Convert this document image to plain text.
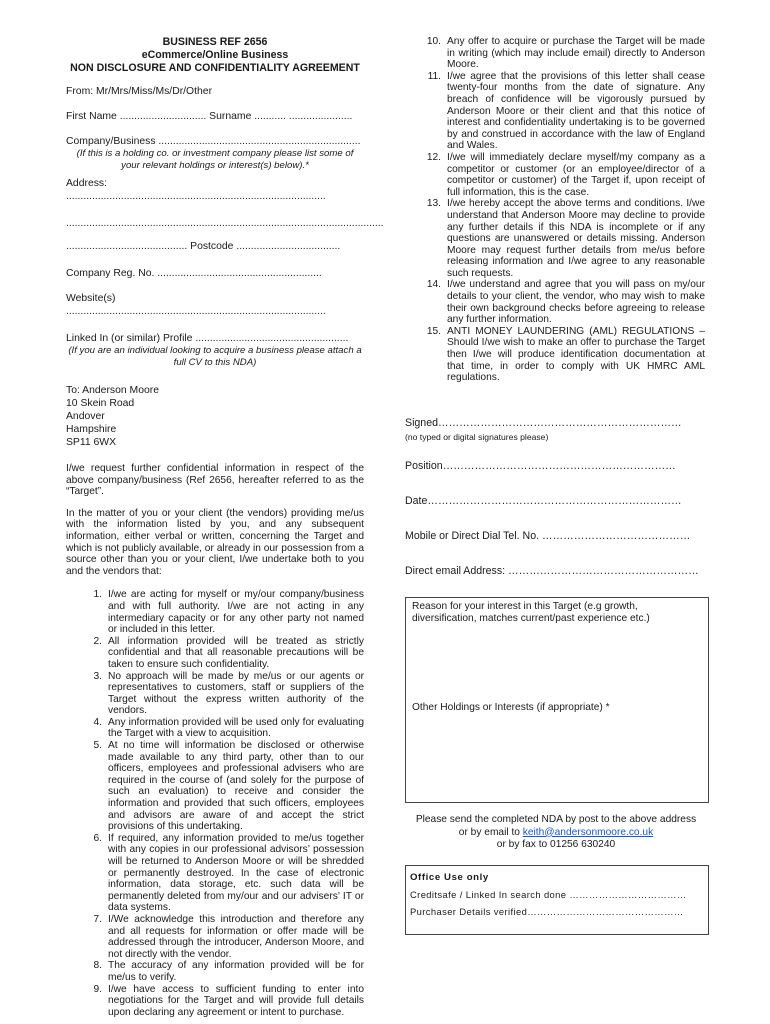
BUSINESS REF 2656
eCommerce/Online Business
NON DISCLOSURE AND CONFIDENTIALITY AGREEMENT
From: Mr/Mrs/Miss/Ms/Dr/Other
First Name .............................. Surname ........... ......................
Company/Business ......................................................................
(If this is a holding co. or investment company please list some of your relevant holdings or interest(s) below).*
Address: ..........................................................................................
..............................................................................................................
.......................................... Postcode ....................................
Company Reg. No. .........................................................
Website(s) ..........................................................................................
Linked In (or similar) Profile .....................................................
(If you are an individual looking to acquire a business please attach a full CV to this NDA)
To: Anderson Moore
10 Skein Road
Andover
Hampshire
SP11 6WX
I/we request further confidential information in respect of the above company/business (Ref 2656, hereafter referred to as the “Target”.
In the matter of you or your client (the vendors) providing me/us with the information listed by you, and any subsequent information, either verbal or written, concerning the Target and which is not publicly available, or already in our possession from a source other than you or your client, I/we undertake both to you and the vendors that:
1. I/we are acting for myself or my/our company/business and with full authority. I/we are not acting in any intermediary capacity or for any other party not named or included in this letter.
2. All information provided will be treated as strictly confidential and that all reasonable precautions will be taken to ensure such confidentiality.
3. No approach will be made by me/us or our agents or representatives to customers, staff or suppliers of the Target without the express written authority of the vendors.
4. Any information provided will be used only for evaluating the Target with a view to acquisition.
5. At no time will information be disclosed or otherwise made available to any third party, other than to our officers, employees and professional advisers who are required in the course of (and solely for the purpose of such an evaluation) to receive and consider the information and provided that such officers, employees and advisors are aware of and accept the strict provisions of this undertaking.
6. If required, any information provided to me/us together with any copies in our professional advisors’ possession will be returned to Anderson Moore or will be shredded or permanently destroyed. In the case of electronic information, data storage, etc. such data will be permanently deleted from my/our and our advisers’ IT or data systems.
7. I/We acknowledge this introduction and therefore any and all requests for information or offer made will be addressed through the introducer, Anderson Moore, and not directly with the vendor.
8. The accuracy of any information provided will be for me/us to verify.
9. I/we have access to sufficient funding to enter into negotiations for the Target and will provide full details upon declaring any agreement or intent to purchase.
10. Any offer to acquire or purchase the Target will be made in writing (which may include email) directly to Anderson Moore.
11. I/we agree that the provisions of this letter shall cease twenty-four months from the date of signature. Any breach of confidence will be vigorously pursued by Anderson Moore or their client and that this notice of interest and confidentiality undertaking is to be governed by and construed in accordance with the law of England and Wales.
12. I/we will immediately declare myself/my company as a competitor or customer (or an employee/director of a competitor or customer) of the Target if, upon receipt of full information, this is the case.
13. I/we hereby accept the above terms and conditions. I/we understand that Anderson Moore may decline to provide any further details if this NDA is incomplete or if any questions are unanswered or details missing. Anderson Moore may request further details from me/us before releasing information and I/we agree to any reasonable such requests.
14. I/we understand and agree that you will pass on my/our details to your client, the vendor, who may wish to make their own background checks before agreeing to release any further information.
15. ANTI MONEY LAUNDERING (AML) REGULATIONS – Should I/we wish to make an offer to purchase the Target then I/we will produce identification documentation at that time, in order to comply with UK HMRC AML regulations.
Signed……………………………………………………………
(no typed or digital signatures please)
Position…………………………………………………………
Date………………………………………………………………
Mobile or Direct Dial Tel. No. ……………………………………
Direct email Address: ………………………………………………
Reason for your interest in this Target (e.g growth, diversification, matches current/past experience etc.)
Other Holdings or Interests (if appropriate) *
Please send the completed NDA by post to the above address
or by email to keith@andersonmoore.co.uk
or by fax to 01256 630240
Office Use only
Creditsafe / Linked In search done ………………………………
Purchaser Details verified…………………………………………
